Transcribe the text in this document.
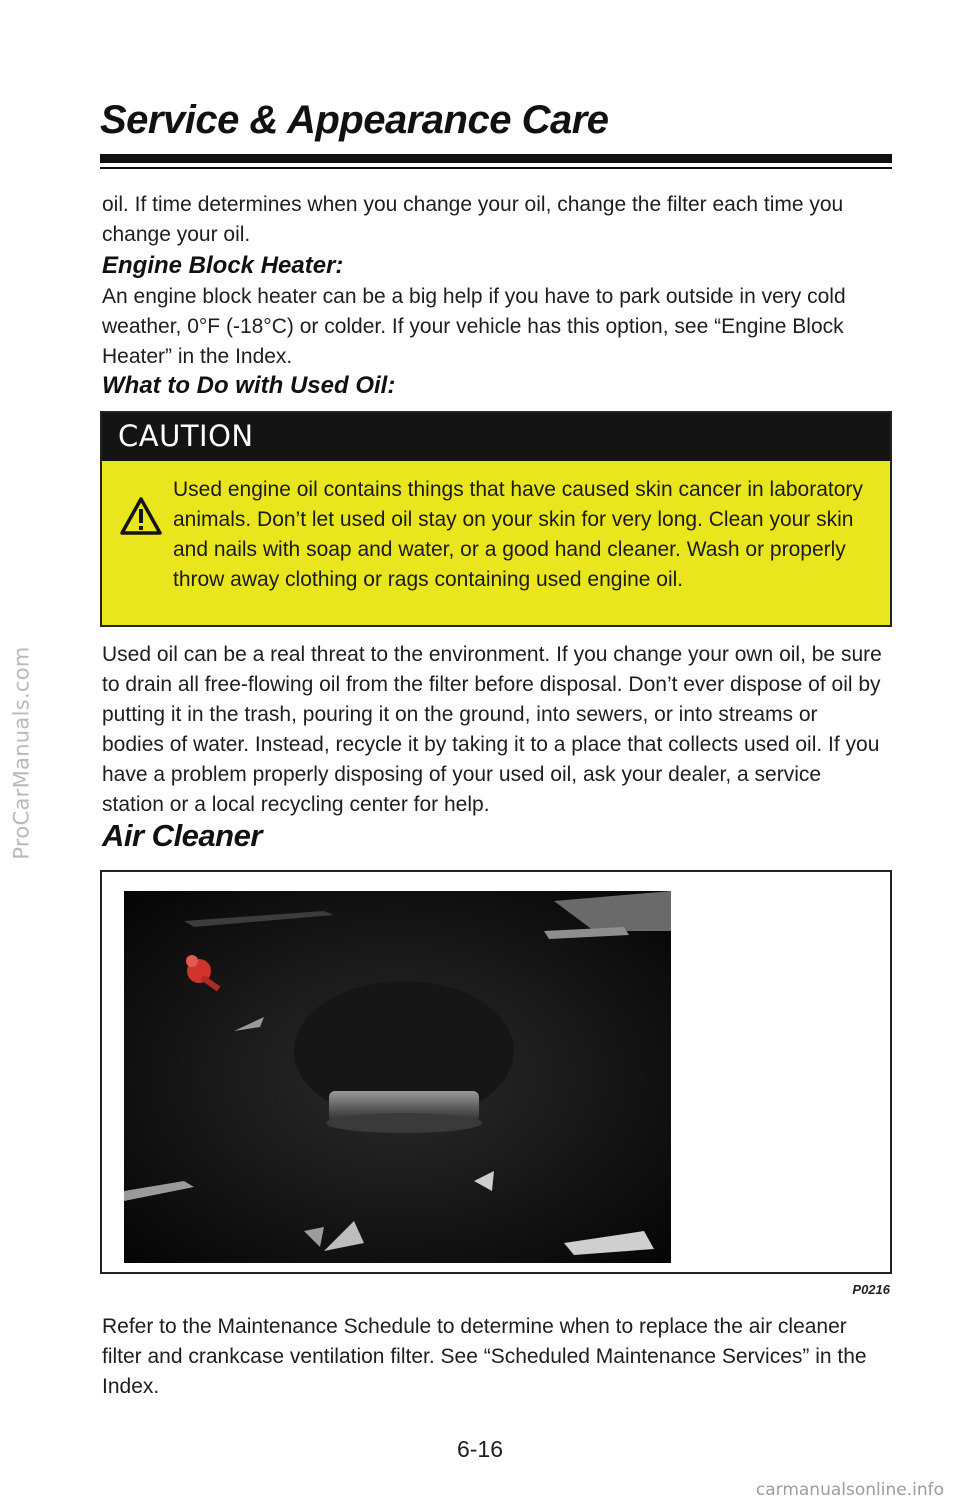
ProCarManuals.com
Service & Appearance Care

oil. If time determines when you change your oil, change the filter each time you change your oil.

Engine Block Heater:

An engine block heater can be a big help if you have to park outside in very cold weather, 0°F (-18°C) or colder. If your vehicle has this option, see “Engine Block Heater” in the Index.

What to Do with Used Oil:
CAUTION

Used engine oil contains things that have caused skin cancer in laboratory animals. Don’t let used oil stay on your skin for very long. Clean your skin and nails with soap and water, or a good hand cleaner. Wash or properly throw away clothing or rags containing used engine oil.

Used oil can be a real threat to the environment. If you change your own oil, be sure to drain all free-flowing oil from the filter before disposal. Don’t ever dispose of oil by putting it in the trash, pouring it on the ground, into sewers, or into streams or bodies of water. Instead, recycle it by taking it to a place that collects used oil. If you have a problem properly disposing of your used oil, ask your dealer, a service station or a local recycling center for help.

Air Cleaner
P0216

Refer to the Maintenance Schedule to determine when to replace the air cleaner filter and crankcase ventilation filter. See “Scheduled Maintenance Services” in the Index.

6-16
carmanualsonline.info
